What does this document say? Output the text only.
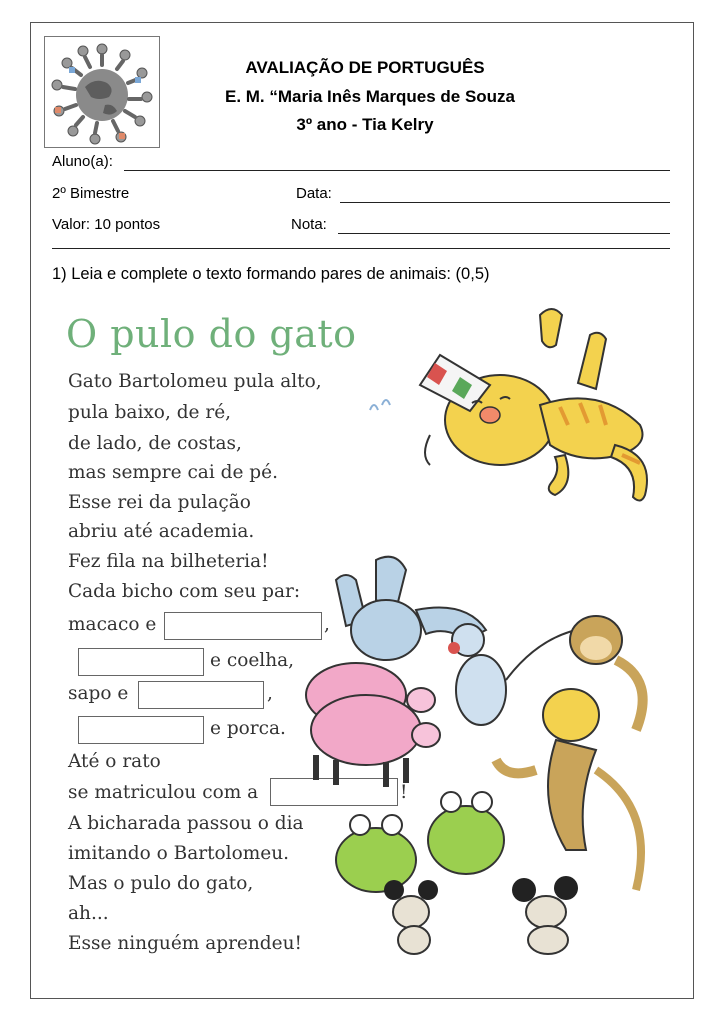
AVALIAÇÃO DE PORTUGUÊS
E. M. “Maria Inês Marques de Souza
3º ano - Tia Kelry
Aluno(a):
2º Bimestre	Data:
Valor: 10 pontos	Nota:
1) Leia e complete o texto formando pares de animais: (0,5)
O pulo do gato
Gato Bartolomeu pula alto,
pula baixo, de ré,
de lado, de costas,
mas sempre cai de pé.
Esse rei da pulação
abriu até academia.
Fez fila na bilheteria!
Cada bicho com seu par:
macaco e	,
e coelha,
sapo e	,
e porca.
Até o rato
se matriculou com a	!
A bicharada passou o dia
imitando o Bartolomeu.
Mas o pulo do gato,
ah...
Esse ninguém aprendeu!
